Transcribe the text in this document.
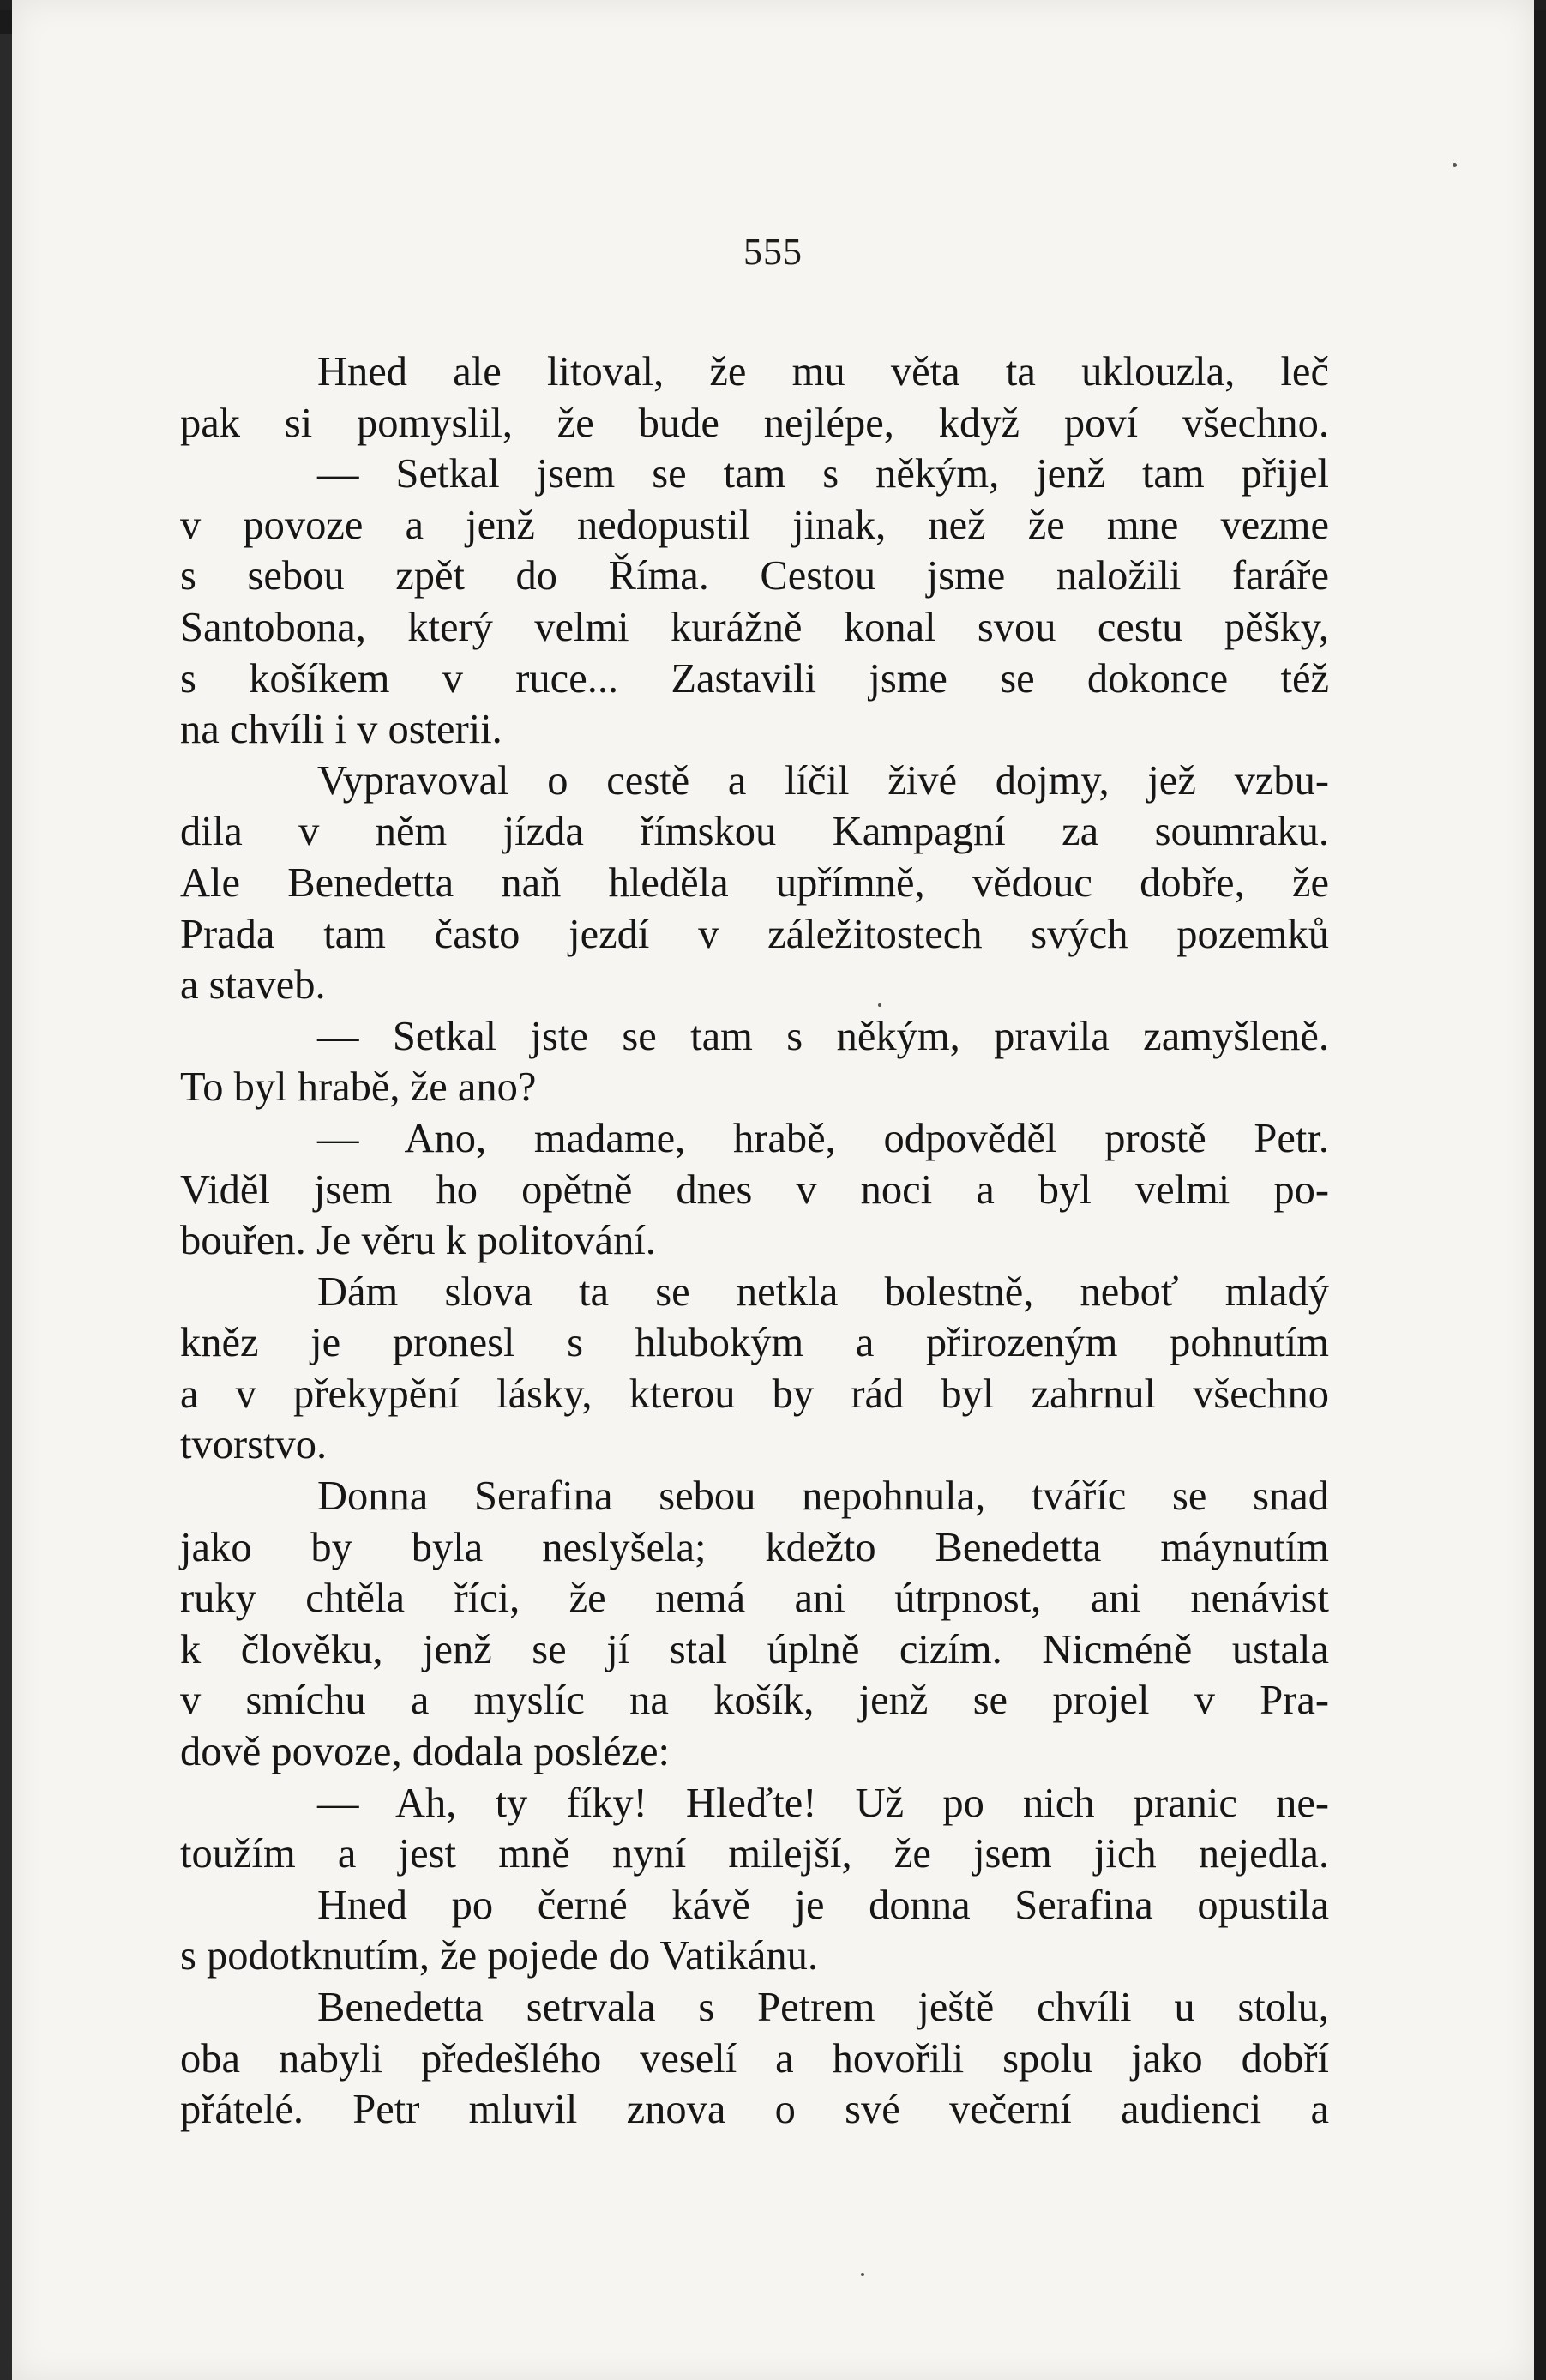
555
Hned ale litoval, že mu věta ta uklouzla, leč
pak si pomyslil, že bude nejlépe, když poví všechno.
— Setkal jsem se tam s někým, jenž tam přijel
v povoze a jenž nedopustil jinak, než že mne vezme
s sebou zpět do Říma. Cestou jsme naložili faráře
Santobona, který velmi kurážně konal svou cestu pěšky,
s košíkem v ruce... Zastavili jsme se dokonce též
na chvíli i v osterii.
Vypravoval o cestě a líčil živé dojmy, jež vzbu-
dila v něm jízda římskou Kampagní za soumraku.
Ale Benedetta naň hleděla upřímně, vědouc dobře, že
Prada tam často jezdí v záležitostech svých pozemků
a staveb.
— Setkal jste se tam s někým, pravila zamyšleně.
To byl hrabě, že ano?
— Ano, madame, hrabě, odpověděl prostě Petr.
Viděl jsem ho opětně dnes v noci a byl velmi po-
bouřen. Je věru k politování.
Dám slova ta se netkla bolestně, neboť mladý
kněz je pronesl s hlubokým a přirozeným pohnutím
a v překypění lásky, kterou by rád byl zahrnul všechno
tvorstvo.
Donna Serafina sebou nepohnula, tváříc se snad
jako by byla neslyšela; kdežto Benedetta máynutím
ruky chtěla říci, že nemá ani útrpnost, ani nenávist
k člověku, jenž se jí stal úplně cizím. Nicméně ustala
v smíchu a myslíc na košík, jenž se projel v Pra-
dově povoze, dodala posléze:
— Ah, ty fíky! Hleďte! Už po nich pranic ne-
toužím a jest mně nyní milejší, že jsem jich nejedla.
Hned po černé kávě je donna Serafina opustila
s podotknutím, že pojede do Vatikánu.
Benedetta setrvala s Petrem ještě chvíli u stolu,
oba nabyli předešlého veselí a hovořili spolu jako dobří
přátelé. Petr mluvil znova o své večerní audienci a
